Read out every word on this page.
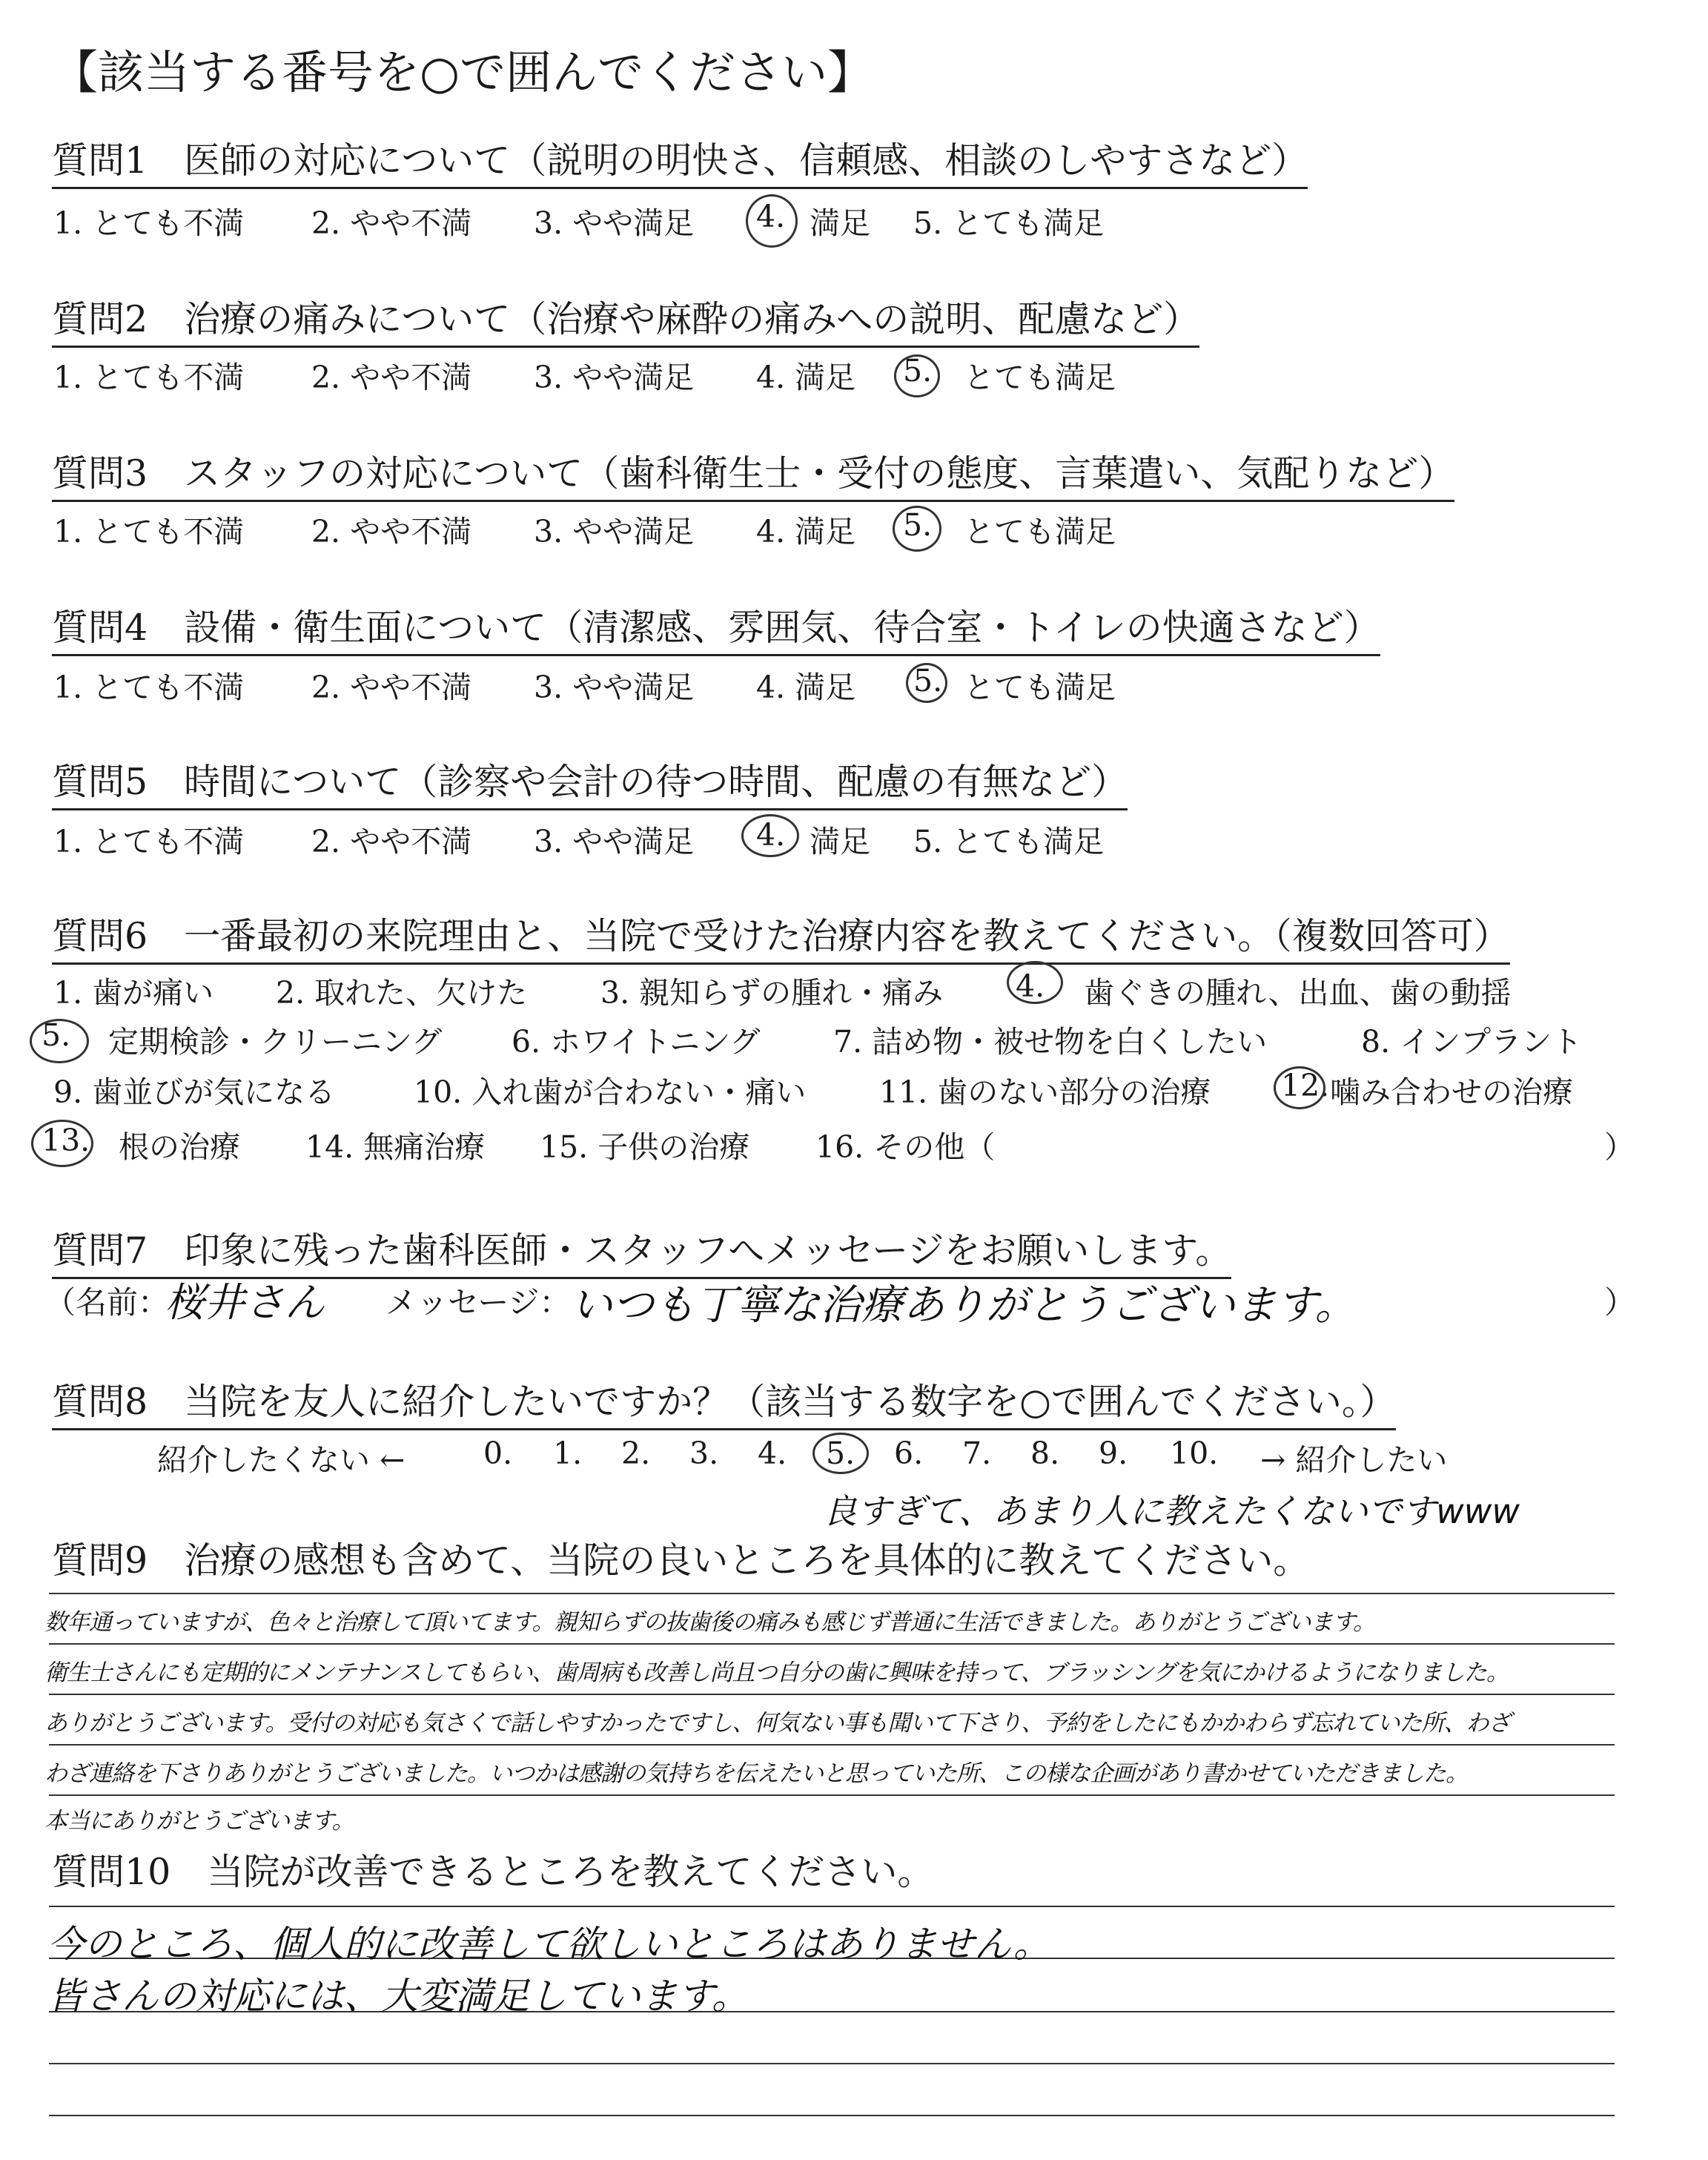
【該当する番号を○で囲んでください】
質問1　医師の対応について（説明の明快さ、信頼感、相談のしやすさなど）
1. とても不満 2. やや不満 3. やや満足 4. 満足 5. とても満足
質問2　治療の痛みについて（治療や麻酔の痛みへの説明、配慮など）
1. とても不満 2. やや不満 3. やや満足 4. 満足 5. とても満足
質問3　スタッフの対応について（歯科衛生士・受付の態度、言葉遣い、気配りなど）
1. とても不満 2. やや不満 3. やや満足 4. 満足 5. とても満足
質問4　設備・衛生面について（清潔感、雰囲気、待合室・トイレの快適さなど）
1. とても不満 2. やや不満 3. やや満足 4. 満足 5. とても満足
質問5　時間について（診察や会計の待つ時間、配慮の有無など）
1. とても不満 2. やや不満 3. やや満足 4. 満足 5. とても満足
質問6　一番最初の来院理由と、当院で受けた治療内容を教えてください。（複数回答可）
1. 歯が痛い 2. 取れた、欠けた 3. 親知らずの腫れ・痛み 4. 歯ぐきの腫れ、出血、歯の動揺
5. 定期検診・クリーニング 6. ホワイトニング 7. 詰め物・被せ物を白くしたい	8. インプラント
9. 歯並びが気になる	10. 入れ歯が合わない・痛い 11. 歯のない部分の治療 12. 噛み合わせの治療
13. 根の治療 14. 無痛治療 15. 子供の治療 16. その他（	）
質問7　印象に残った歯科医師・スタッフへメッセージをお願いします。
（名前：
桜井さん メッセージ： いつも丁寧な治療ありがとうございます。	）
質問8　当院を友人に紹介したいですか？（該当する数字を○で囲んでください。）
紹介したくない ←	0. 1. 2. 3. 4. 5. 6. 7. 8. 9. 10. → 紹介したい
良すぎて、あまり人に教えたくないですwww
質問9　治療の感想も含めて、当院の良いところを具体的に教えてください。
数年通っていますが、色々と治療して頂いてます。親知らずの抜歯後の痛みも感じず普通に生活できました。ありがとうございます。
衛生士さんにも定期的にメンテナンスしてもらい、歯周病も改善し尚且つ自分の歯に興味を持って、ブラッシングを気にかけるようになりました。
ありがとうございます。受付の対応も気さくで話しやすかったですし、何気ない事も聞いて下さり、予約をしたにもかかわらず忘れていた所、わざ
わざ連絡を下さりありがとうございました。いつかは感謝の気持ちを伝えたいと思っていた所、この様な企画があり書かせていただきました。
本当にありがとうございます。
質問10　当院が改善できるところを教えてください。
今のところ、個人的に改善して欲しいところはありません。
皆さんの対応には、大変満足しています。
